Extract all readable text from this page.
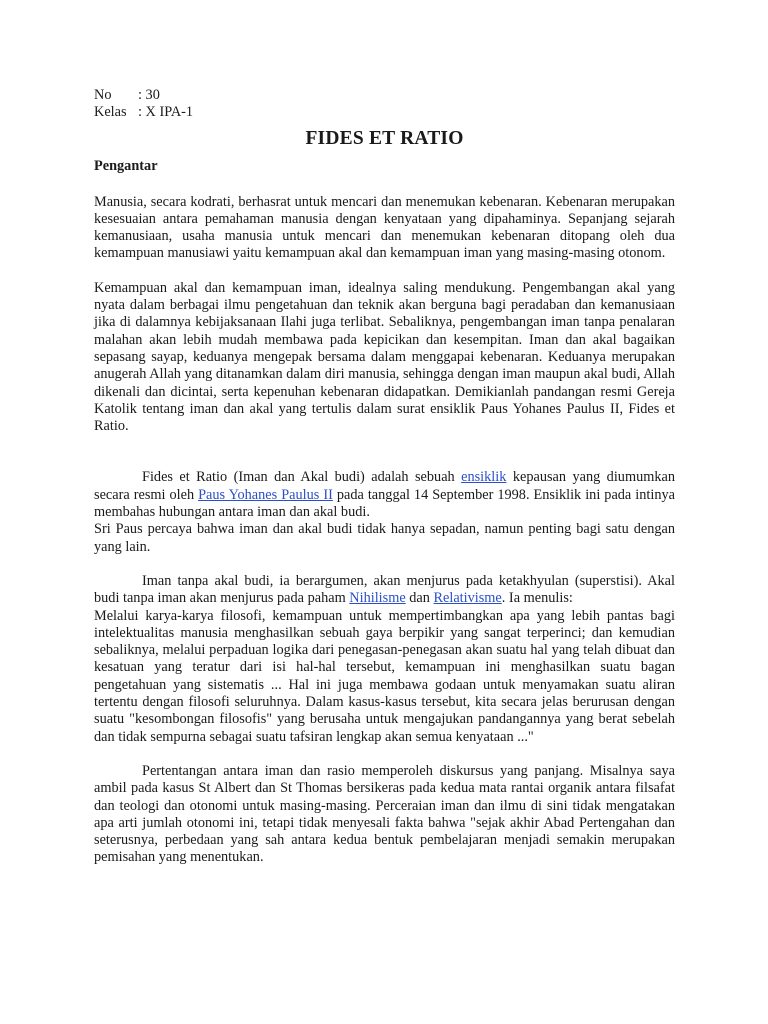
No	: 30
Kelas : X IPA-1
FIDES ET RATIO
Pengantar

Manusia, secara kodrati, berhasrat untuk mencari dan menemukan kebenaran. Kebenaran merupakan kesesuaian antara pemahaman manusia dengan kenyataan yang dipahaminya. Sepanjang sejarah kemanusiaan, usaha manusia untuk mencari dan menemukan kebenaran ditopang oleh dua kemampuan manusiawi yaitu kemampuan akal dan kemampuan iman yang masing-masing otonom.

Kemampuan akal dan kemampuan iman, idealnya saling mendukung. Pengembangan akal yang nyata dalam berbagai ilmu pengetahuan dan teknik akan berguna bagi peradaban dan kemanusiaan jika di dalamnya kebijaksanaan Ilahi juga terlibat. Sebaliknya, pengembangan iman tanpa penalaran malahan akan lebih mudah membawa pada kepicikan dan kesempitan. Iman dan akal bagaikan sepasang sayap, keduanya mengepak bersama dalam menggapai kebenaran. Keduanya merupakan anugerah Allah yang ditanamkan dalam diri manusia, sehingga dengan iman maupun akal budi, Allah dikenali dan dicintai, serta kepenuhan kebenaran didapatkan. Demikianlah pandangan resmi Gereja Katolik tentang iman dan akal yang tertulis dalam surat ensiklik Paus Yohanes Paulus II, Fides et Ratio.

Fides et Ratio (Iman dan Akal budi) adalah sebuah ensiklik kepausan yang diumumkan secara resmi oleh Paus Yohanes Paulus II pada tanggal 14 September 1998. Ensiklik ini pada intinya membahas hubungan antara iman dan akal budi.

Sri Paus percaya bahwa iman dan akal budi tidak hanya sepadan, namun penting bagi satu dengan yang lain.

Iman tanpa akal budi, ia berargumen, akan menjurus pada ketakhyulan (superstisi). Akal budi tanpa iman akan menjurus pada paham Nihilisme dan Relativisme. Ia menulis:

Melalui karya-karya filosofi, kemampuan untuk mempertimbangkan apa yang lebih pantas bagi intelektualitas manusia menghasilkan sebuah gaya berpikir yang sangat terperinci; dan kemudian sebaliknya, melalui perpaduan logika dari penegasan-penegasan akan suatu hal yang telah dibuat dan kesatuan yang teratur dari isi hal-hal tersebut, kemampuan ini menghasilkan suatu bagan pengetahuan yang sistematis ... Hal ini juga membawa godaan untuk menyamakan suatu aliran tertentu dengan filosofi seluruhnya. Dalam kasus-kasus tersebut, kita secara jelas berurusan dengan suatu "kesombongan filosofis" yang berusaha untuk mengajukan pandangannya yang berat sebelah dan tidak sempurna sebagai suatu tafsiran lengkap akan semua kenyataan ..."

Pertentangan antara iman dan rasio memperoleh diskursus yang panjang. Misalnya saya ambil pada kasus St Albert dan St Thomas bersikeras pada kedua mata rantai organik antara filsafat dan teologi dan otonomi untuk masing-masing. Perceraian iman dan ilmu di sini tidak mengatakan apa arti jumlah otonomi ini, tetapi tidak menyesali fakta bahwa "sejak akhir Abad Pertengahan dan seterusnya, perbedaan yang sah antara kedua bentuk pembelajaran menjadi semakin merupakan pemisahan yang menentukan.
